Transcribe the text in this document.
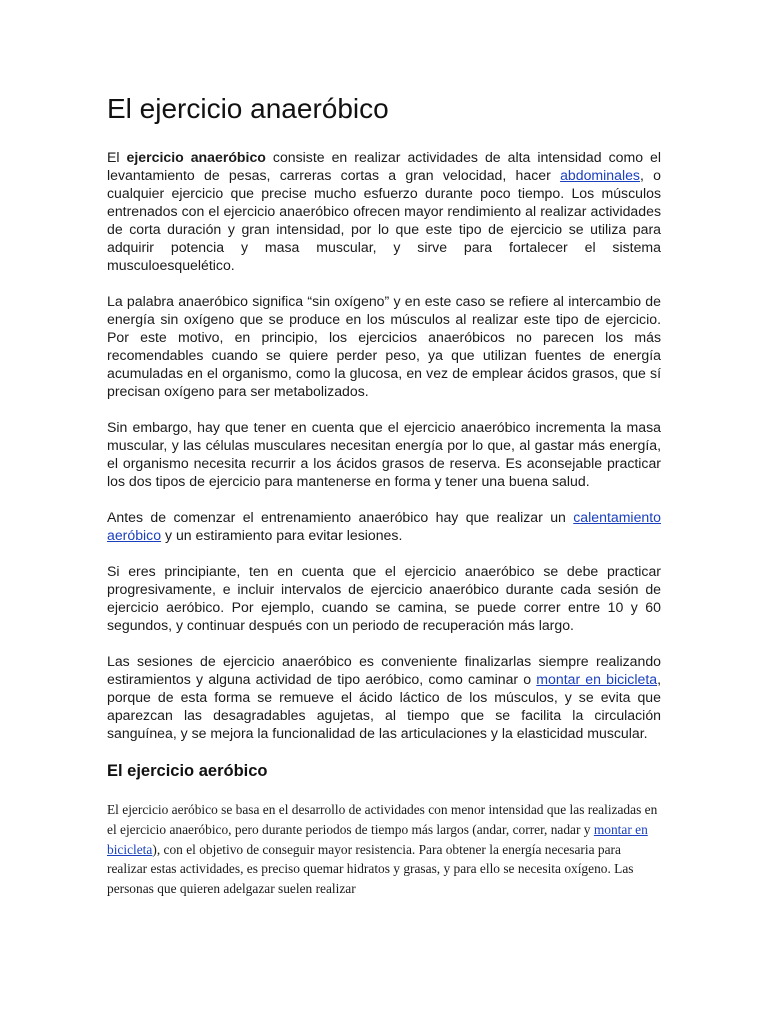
El ejercicio anaeróbico

El ejercicio anaeróbico consiste en realizar actividades de alta intensidad como el levantamiento de pesas, carreras cortas a gran velocidad, hacer abdominales, o cualquier ejercicio que precise mucho esfuerzo durante poco tiempo. Los músculos entrenados con el ejercicio anaeróbico ofrecen mayor rendimiento al realizar actividades de corta duración y gran intensidad, por lo que este tipo de ejercicio se utiliza para adquirir potencia y masa muscular, y sirve para fortalecer el sistema musculoesquelético.

La palabra anaeróbico significa “sin oxígeno” y en este caso se refiere al intercambio de energía sin oxígeno que se produce en los músculos al realizar este tipo de ejercicio. Por este motivo, en principio, los ejercicios anaeróbicos no parecen los más recomendables cuando se quiere perder peso, ya que utilizan fuentes de energía acumuladas en el organismo, como la glucosa, en vez de emplear ácidos grasos, que sí precisan oxígeno para ser metabolizados.

Sin embargo, hay que tener en cuenta que el ejercicio anaeróbico incrementa la masa muscular, y las células musculares necesitan energía por lo que, al gastar más energía, el organismo necesita recurrir a los ácidos grasos de reserva. Es aconsejable practicar los dos tipos de ejercicio para mantenerse en forma y tener una buena salud.

Antes de comenzar el entrenamiento anaeróbico hay que realizar un calentamiento aeróbico y un estiramiento para evitar lesiones.

Si eres principiante, ten en cuenta que el ejercicio anaeróbico se debe practicar progresivamente, e incluir intervalos de ejercicio anaeróbico durante cada sesión de ejercicio aeróbico. Por ejemplo, cuando se camina, se puede correr entre 10 y 60 segundos, y continuar después con un periodo de recuperación más largo.

Las sesiones de ejercicio anaeróbico es conveniente finalizarlas siempre realizando estiramientos y alguna actividad de tipo aeróbico, como caminar o montar en bicicleta, porque de esta forma se remueve el ácido láctico de los músculos, y se evita que aparezcan las desagradables agujetas, al tiempo que se facilita la circulación sanguínea, y se mejora la funcionalidad de las articulaciones y la elasticidad muscular.

El ejercicio aeróbico

El ejercicio aeróbico se basa en el desarrollo de actividades con menor intensidad que las realizadas en el ejercicio anaeróbico, pero durante periodos de tiempo más largos (andar, correr, nadar y montar en bicicleta), con el objetivo de conseguir mayor resistencia. Para obtener la energía necesaria para realizar estas actividades, es preciso quemar hidratos y grasas, y para ello se necesita oxígeno. Las personas que quieren adelgazar suelen realizar
